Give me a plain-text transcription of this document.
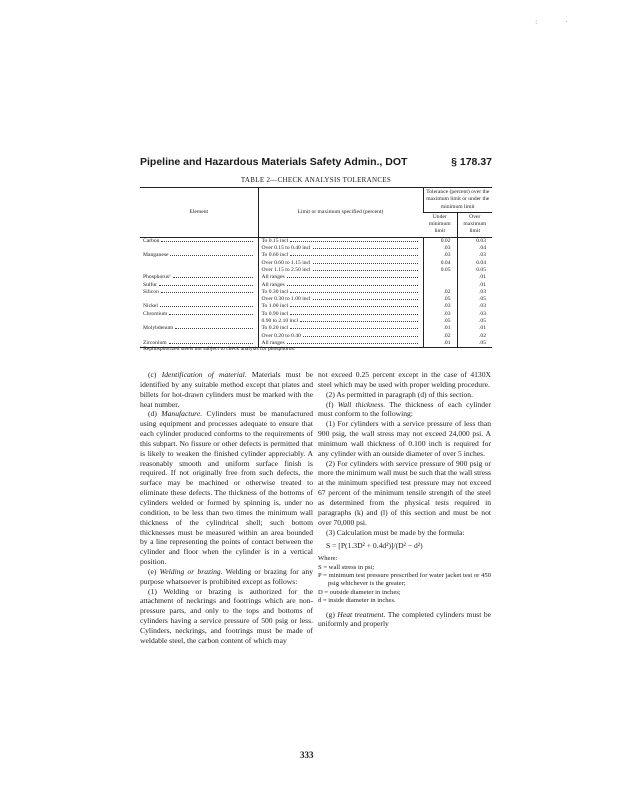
:·
Pipeline and Hazardous Materials Safety Admin., DOT	§ 178.37
TABLE 2—CHECK ANALYSIS TOLERANCES
Element	Limit or maximum specified (percent)	Tolerance (percent) over the maximum limit or under the minimum limit	
		Under minimum limit	Over maximum limit

Carbon	To 0.15 incl	0.02	0.03

	Over 0.15 to 0.40 incl	.03	.04

Manganese	To 0.60 incl	.03	.03

	Over 0.60 to 1.15 incl	0.04	0.04

	Over 1.15 to 2.50 incl	0.05	0.05

Phosphorus¹	All ranges		.01

Sulfur	All ranges		.01

Silicon	To 0.30 incl	.02	.03

	Over 0.30 to 1.00 incl	.05	.05

Nickel	To 1.00 incl	.03	.03

Chromium	To 0.90 incl	.03	.03

	0.90 to 2.10 incl	.05	.05

Molybdenum	To 0.20 incl	.01	.01

	Over 0.20 to 0.40	.02	.02

Zirconium	All ranges	.01	.05
¹ Rephosphorized steels not subject to check analysis for phosphorus.

(c) Identification of material. Materials must be identified by any suitable method except that plates and billets for hot-drawn cylinders must be marked with the heat number.

(d) Manufacture. Cylinders must be manufactured using equipment and processes adequate to ensure that each cylinder produced conforms to the requirements of this subpart. No fissure or other defects is permitted that is likely to weaken the finished cylinder appreciably. A reasonably smooth and uniform surface finish is required. If not originally free from such defects, the surface may be machined or otherwise treated to eliminate these defects. The thickness of the bottoms of cylinders welded or formed by spinning is, under no condition, to be less than two times the minimum wall thickness of the cylindrical shell; such bottom thicknesses must be measured within an area bounded by a line representing the points of contact between the cylinder and floor when the cylinder is in a vertical position.

(e) Welding or brazing. Welding or brazing for any purpose whatsoever is prohibited except as follows:

(1) Welding or brazing is authorized for the attachment of neckrings and footrings which are non-pressure parts, and only to the tops and bottoms of cylinders having a service pressure of 500 psig or less. Cylinders, neckrings, and footrings must be made of weldable steel, the carbon content of which may

not exceed 0.25 percent except in the case of 4130X steel which may be used with proper welding procedure.

(2) As permitted in paragraph (d) of this section.

(f) Wall thickness. The thickness of each cylinder must conform to the following:

(1) For cylinders with a service pressure of less than 900 psig, the wall stress may not exceed 24,000 psi. A minimum wall thickness of 0.100 inch is required for any cylinder with an outside diameter of over 5 inches.

(2) For cylinders with service pressure of 900 psig or more the minimum wall must be such that the wall stress at the minimum specified test pressure may not exceed 67 percent of the minimum tensile strength of the steel as determined from the physical tests required in paragraphs (k) and (l) of this section and must be not over 70,000 psi.

(3) Calculation must be made by the formula:

S = [P(1.3D² + 0.4d²)]/(D² − d²)

Where:

S = wall stress in psi;

P = minimum test pressure prescribed for water jacket test or 450 psig whichever is the greater;

D = outside diameter in inches;

d = inside diameter in inches.

(g) Heat treatment. The completed cylinders must be uniformly and properly

333
